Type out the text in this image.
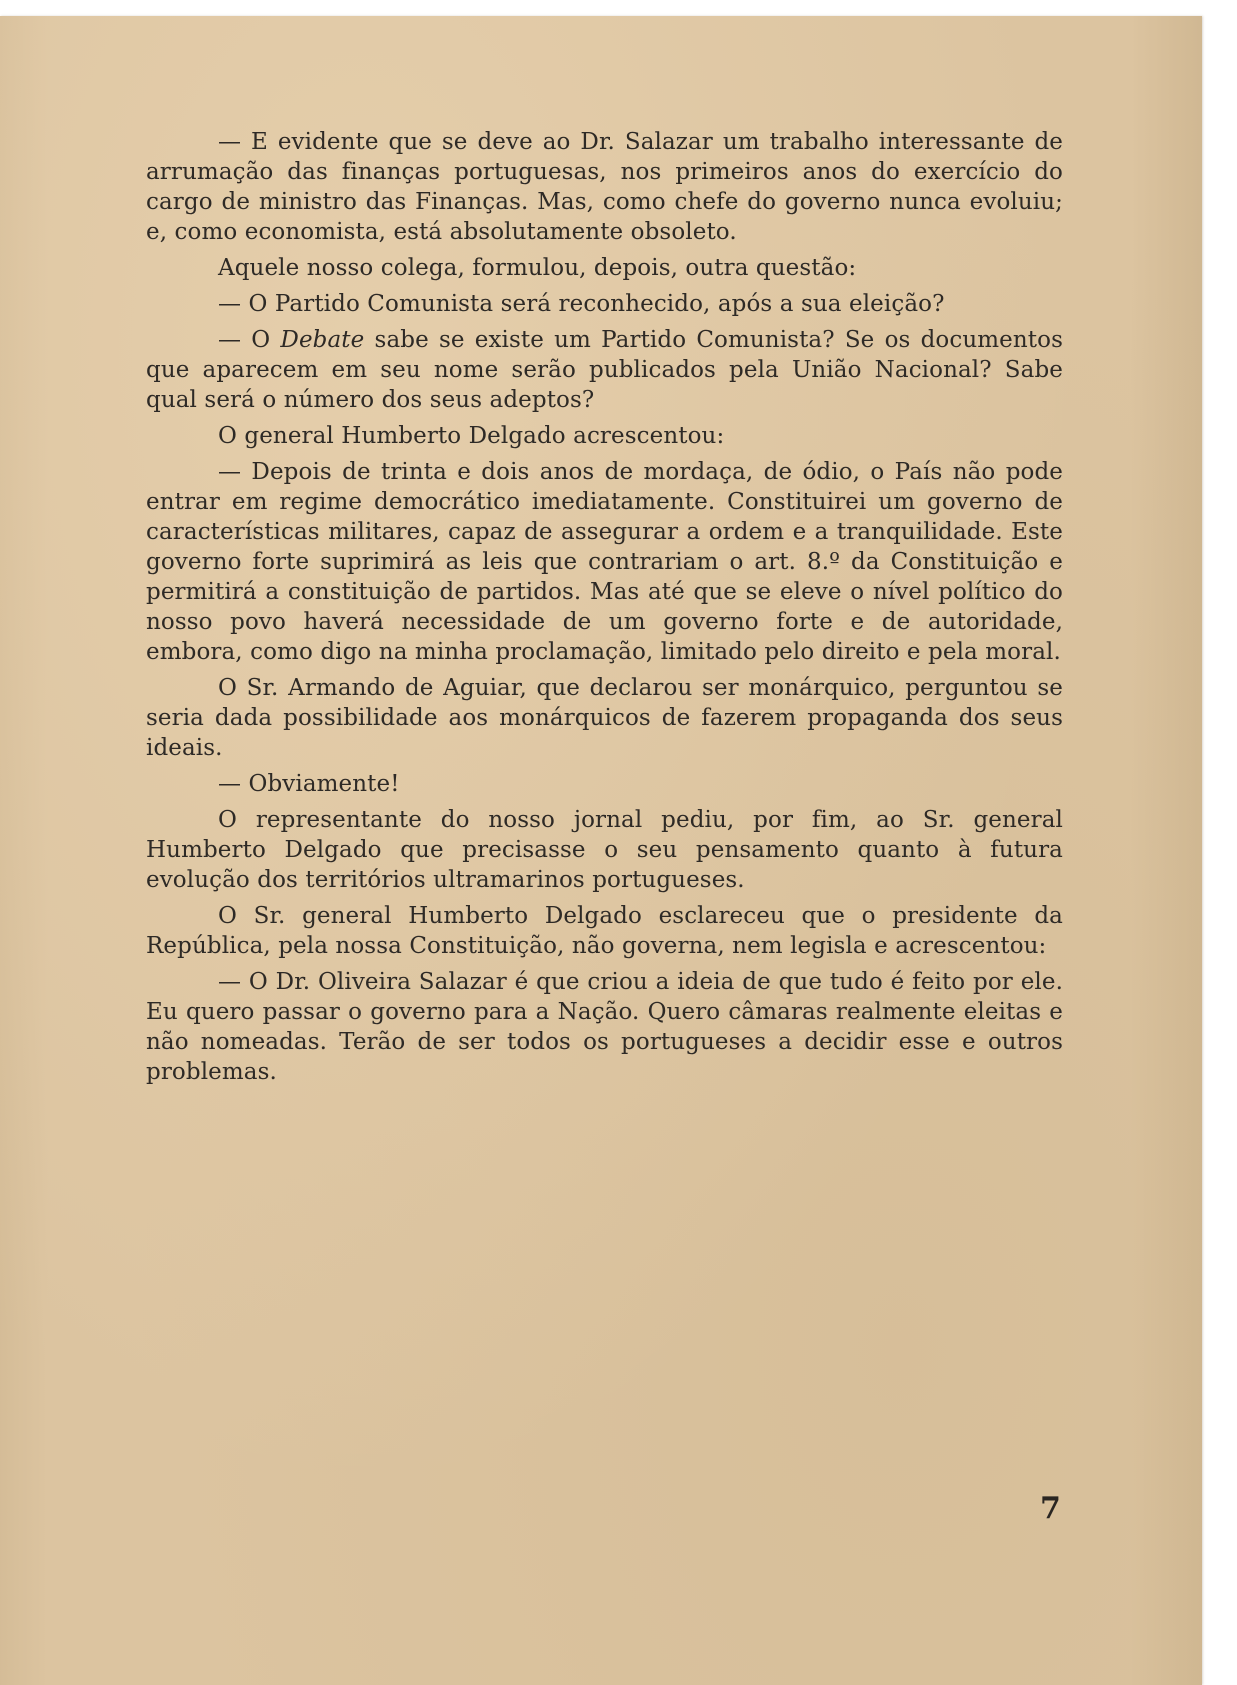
— E evidente que se deve ao Dr. Salazar um trabalho interessante de arrumação das finanças portuguesas, nos primeiros anos do exercício do cargo de ministro das Finanças. Mas, como chefe do governo nunca evoluiu; e, como economista, está absolutamente obsoleto.

Aquele nosso colega, formulou, depois, outra questão:

— O Partido Comunista será reconhecido, após a sua eleição?

— O Debate sabe se existe um Partido Comunista? Se os documentos que aparecem em seu nome serão publicados pela União Nacional? Sabe qual será o número dos seus adeptos?

O general Humberto Delgado acrescentou:

— Depois de trinta e dois anos de mordaça, de ódio, o País não pode entrar em regime democrático imediatamente. Constituirei um governo de características militares, capaz de assegurar a ordem e a tranquilidade. Este governo forte suprimirá as leis que contrariam o art. 8.º da Constituição e permitirá a constituição de partidos. Mas até que se eleve o nível político do nosso povo haverá necessidade de um governo forte e de autoridade, embora, como digo na minha proclamação, limitado pelo direito e pela moral.

O Sr. Armando de Aguiar, que declarou ser monárquico, perguntou se seria dada possibilidade aos monárquicos de fazerem propaganda dos seus ideais.

— Obviamente!

O representante do nosso jornal pediu, por fim, ao Sr. general Humberto Delgado que precisasse o seu pensamento quanto à futura evolução dos territórios ultramarinos portugueses.

O Sr. general Humberto Delgado esclareceu que o presidente da República, pela nossa Constituição, não governa, nem legisla e acrescentou:

— O Dr. Oliveira Salazar é que criou a ideia de que tudo é feito por ele. Eu quero passar o governo para a Nação. Quero câmaras realmente eleitas e não nomeadas. Terão de ser todos os portugueses a decidir esse e outros problemas.

7
